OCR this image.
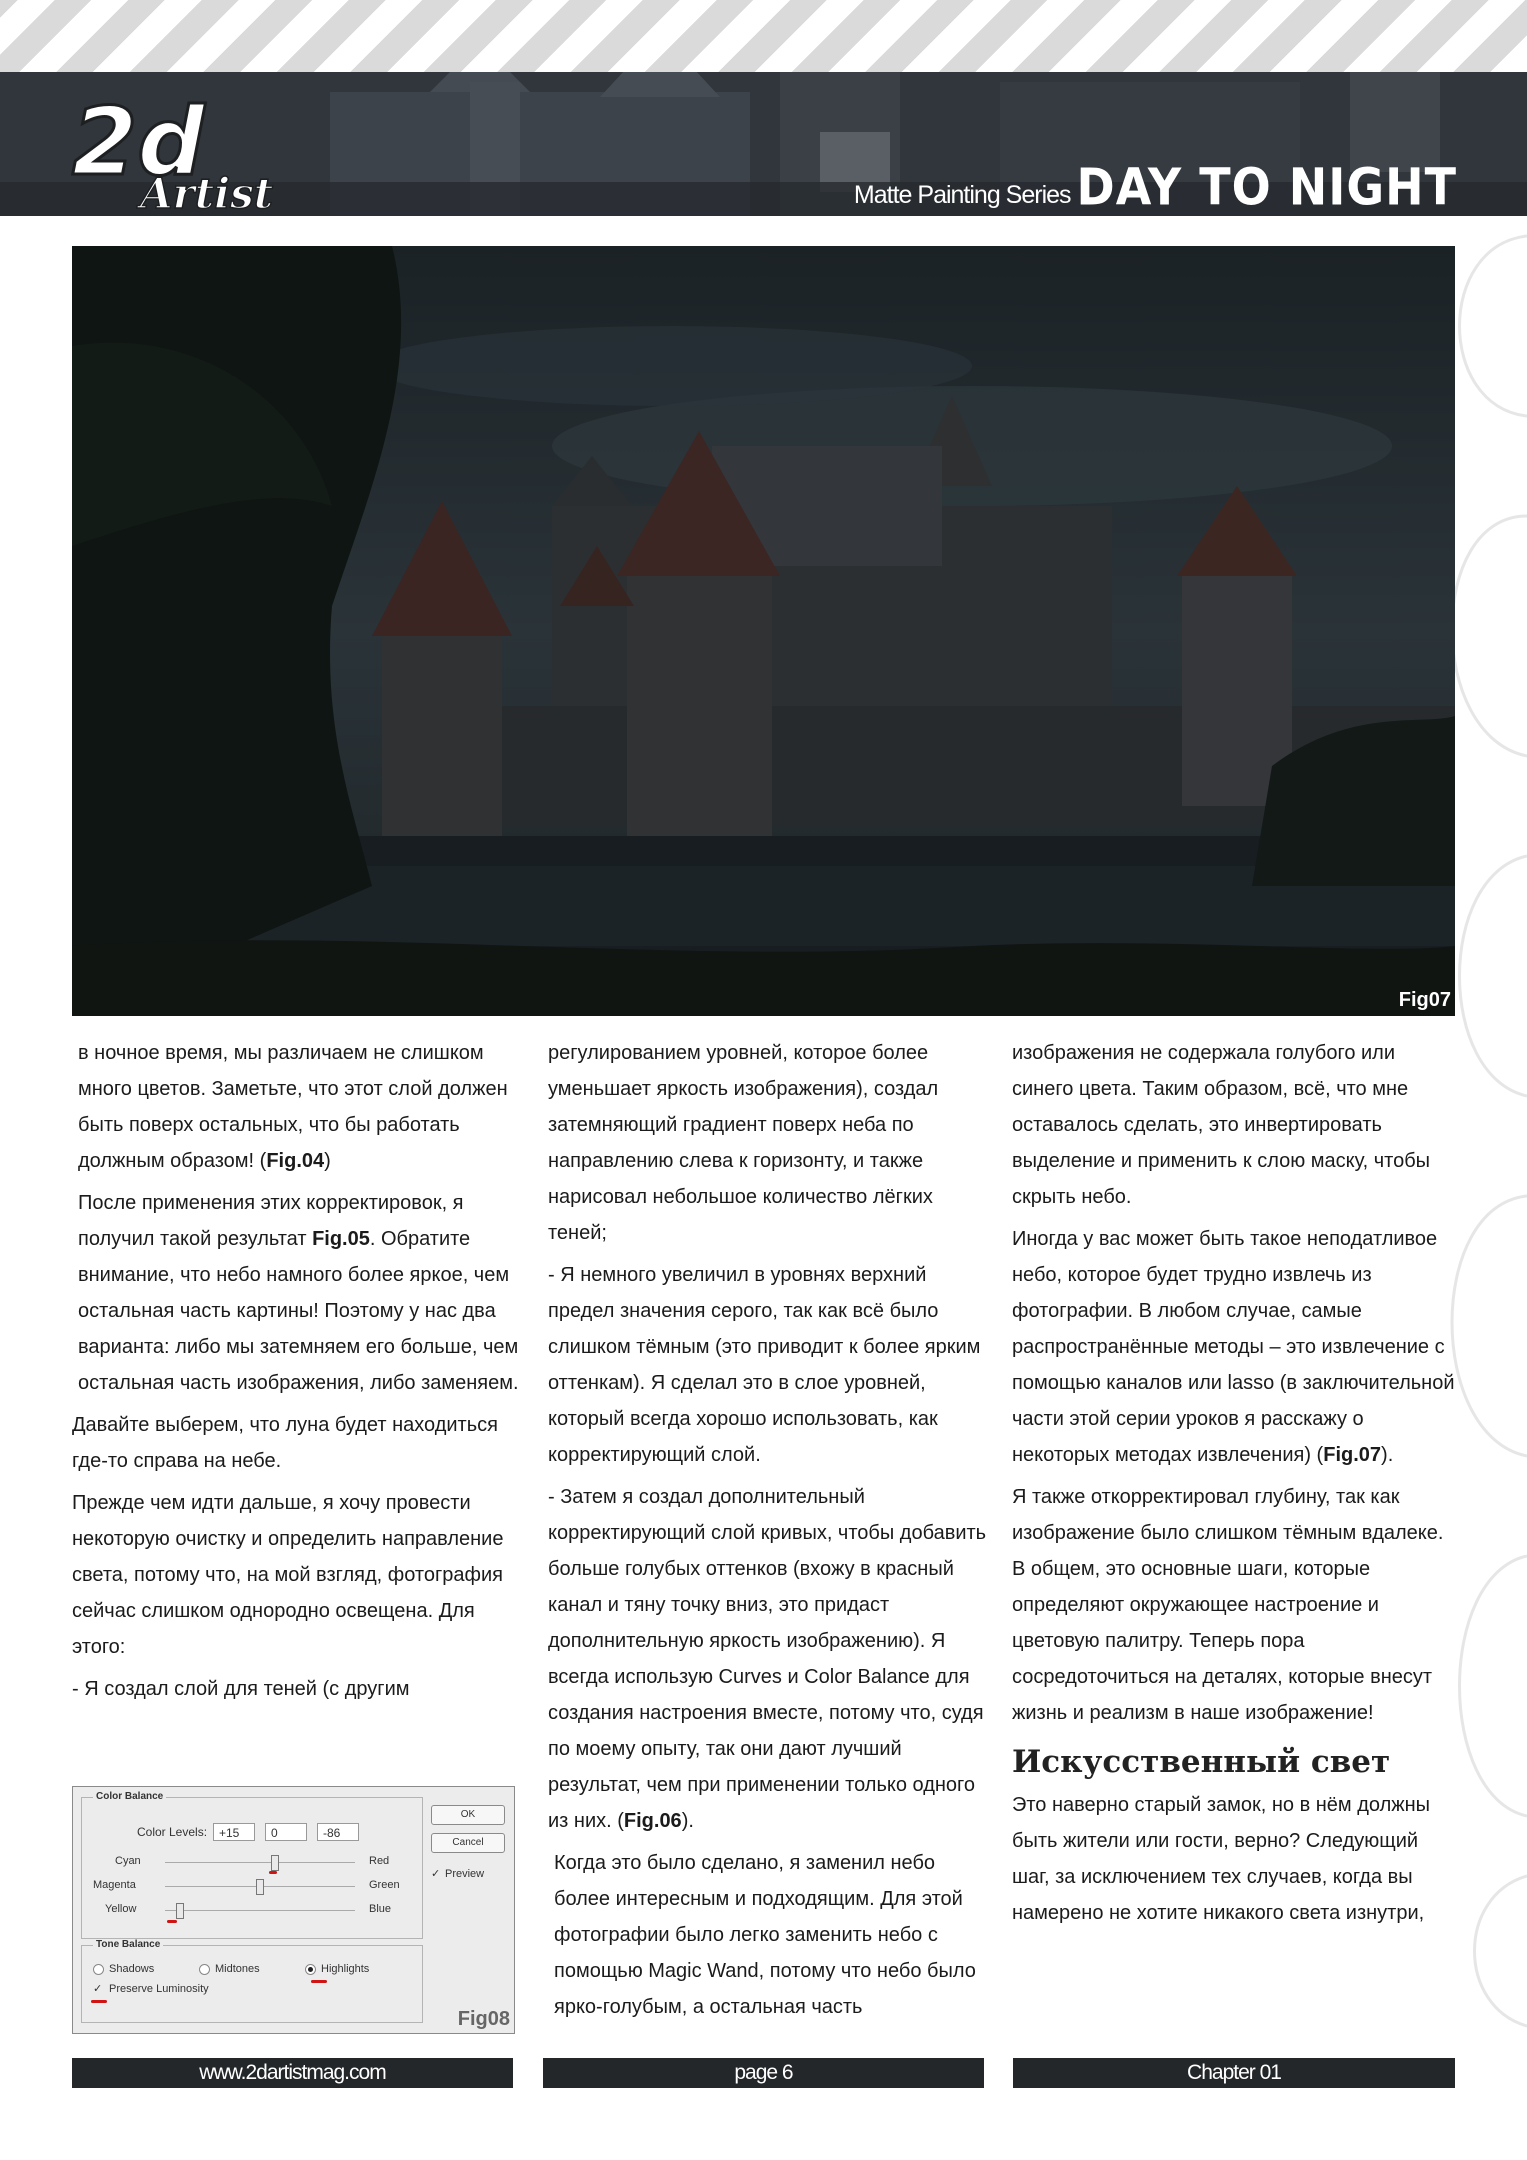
2d
Artist	Matte Painting Series DAY TO NIGHT
Fig07

в ночное время, мы различаем не слишком много цветов. Заметьте, что этот слой должен быть поверх остальных, что бы работать должным образом! (Fig.04)

После применения этих корректировок, я получил такой результат Fig.05. Обратите внимание, что небо намного более яркое, чем остальная часть картины! Поэтому у нас два варианта: либо мы затемняем его больше, чем остальная часть изображения, либо заменяем.

Давайте выберем, что луна будет находиться где-то справа на небе.

Прежде чем идти дальше, я хочу провести некоторую очистку и определить направление света, потому что, на мой взгляд, фотография сейчас слишком однородно освещена. Для этого:

- Я создал слой для теней (с другим

Color Balance
Color Levels: +15	0	-86
Cyan
Magenta
Yellow
Red
Green
Blue
Tone Balance
Shadows	Midtones	Highlights
✓ Preserve Luminosity
OK
Cancel
✓ Preview
Fig08

регулированием уровней, которое более уменьшает яркость изображения), создал затемняющий градиент поверх неба по направлению слева к горизонту, и также нарисовал небольшое количество лёгких теней;

- Я немного увеличил в уровнях верхний предел значения серого, так как всё было слишком тёмным (это приводит к более ярким оттенкам). Я сделал это в слое уровней, который всегда хорошо использовать, как корректирующий слой.

- Затем я создал дополнительный корректирующий слой кривых, чтобы добавить больше голубых оттенков (вхожу в красный канал и тяну точку вниз, это придаст дополнительную яркость изображению). Я всегда использую Curves и Color Balance для создания настроения вместе, потому что, судя по моему опыту, так они дают лучший результат, чем при применении только одного из них. (Fig.06).

Когда это было сделано, я заменил небо более интересным и подходящим. Для этой фотографии было легко заменить небо с помощью Magic Wand, потому что небо было ярко-голубым, а остальная часть

изображения не содержала голубого или синего цвета. Таким образом, всё, что мне оставалось сделать, это инвертировать выделение и применить к слою маску, чтобы скрыть небо.

Иногда у вас может быть такое неподатливое небо, которое будет трудно извлечь из фотографии. В любом случае, самые распространённые методы – это извлечение с помощью каналов или lasso (в заключительной части этой серии уроков я расскажу о некоторых методах извлечения) (Fig.07).

Я также откорректировал глубину, так как изображение было слишком тёмным вдалеке. В общем, это основные шаги, которые определяют окружающее настроение и цветовую палитру. Теперь пора сосредоточиться на деталях, которые внесут жизнь и реализм в наше изображение!

Искусственный свет

Это наверно старый замок, но в нём должны быть жители или гости, верно? Следующий шаг, за исключением тех случаев, когда вы намерено не хотите никакого света изнутри,

www.2dartistmag.com	page 6	Chapter 01
